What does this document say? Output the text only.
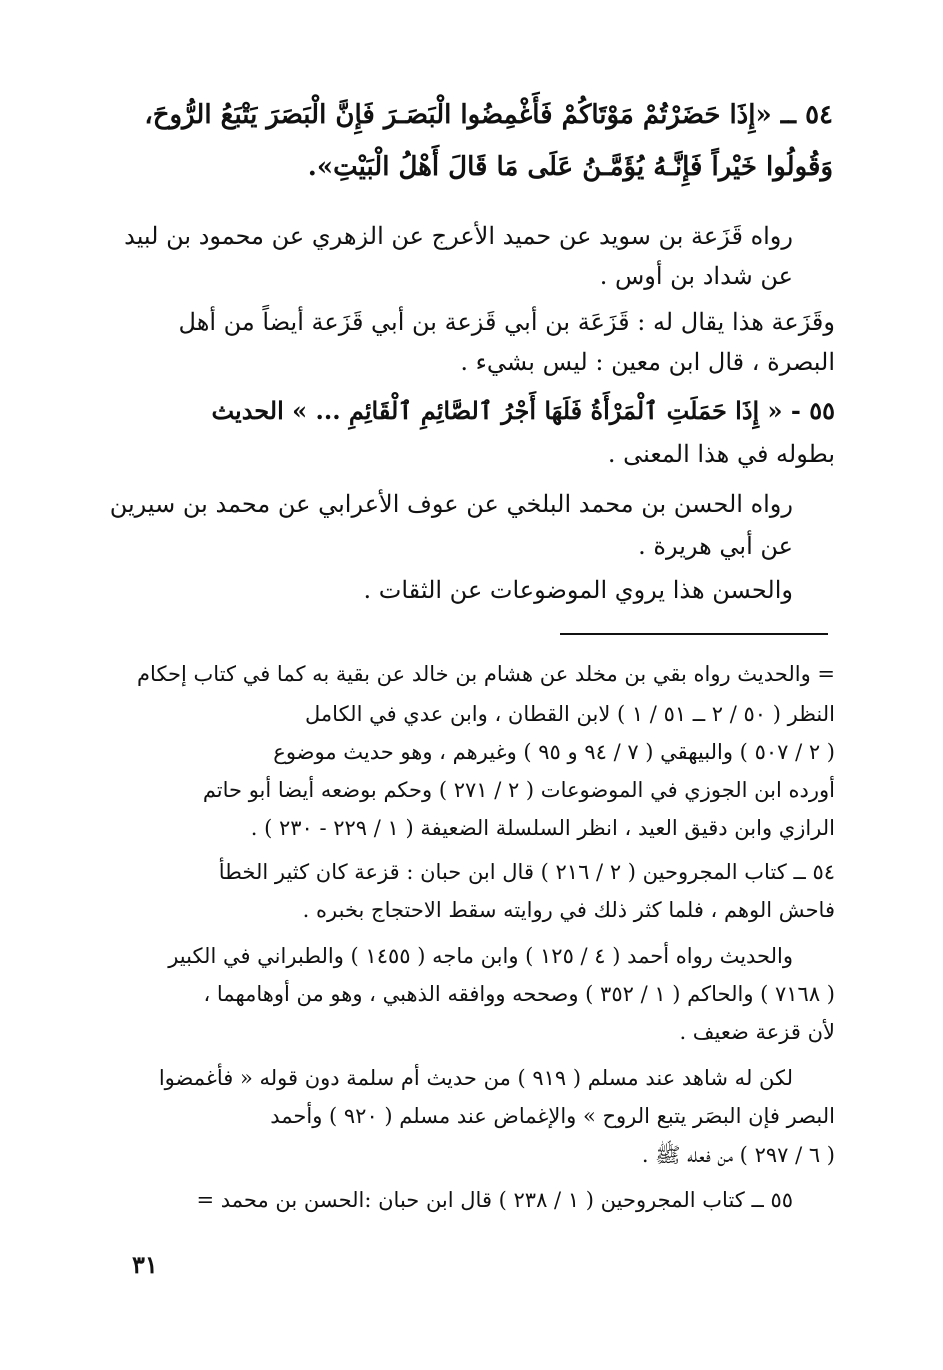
٥٤ ــ «إِذَا حَضَرْتُمْ مَوْتَاكُمْ فَأَغْمِضُوا الْبَصَـرَ فَإِنَّ الْبَصَرَ يَتْبَعُ الرُّوحَ،
وَقُولُوا خَيْراً فَإِنَّـهُ يُؤَمَّـنُ عَلَى مَا قَالَ أَهْلُ الْبَيْتِ».
رواه قَزَعة بن سويد عن حميد الأعرج عن الزهري عن محمود بن لبيد
عن شداد بن أوس .
وقَزَعة هذا يقال له : قَزَعَة بن أبي قَزعة بن أبي قَزَعة أيضاً من أهل
البصرة ، قال ابن معين : ليس بشيء .
٥٥ - « إِذَا حَمَلَتِ ٱلْمَرْأَةُ فَلَهَا أَجْرُ ٱلصَّائِمِ ٱلْقَائِمِ ... » الحديث
بطوله في هذا المعنى .
رواه الحسن بن محمد البلخي عن عوف الأعرابي عن محمد بن سيرين
عن أبي هريرة .
والحسن هذا يروي الموضوعات عن الثقات .
= والحديث رواه بقي بن مخلد عن هشام بن خالد عن بقية به كما في كتاب إحكام
النظر ( ٥٠ / ٢ ــ ٥١ / ١ ) لابن القطان ، وابن عدي في الكامل
( ٢ / ٥٠٧ ) والبيهقي ( ٧ / ٩٤ و ٩٥ ) وغيرهم ، وهو حديث موضوع
أورده ابن الجوزي في الموضوعات ( ٢ / ٢٧١ ) وحكم بوضعه أيضا أبو حاتم
الرازي وابن دقيق العيد ، انظر السلسلة الضعيفة ( ١ / ٢٢٩ - ٢٣٠ ) .
٥٤ ــ كتاب المجروحين ( ٢ / ٢١٦ ) قال ابن حبان : قزعة كان كثير الخطأ
فاحش الوهم ، فلما كثر ذلك في روايته سقط الاحتجاج بخبره .
والحديث رواه أحمد ( ٤ / ١٢٥ ) وابن ماجه ( ١٤٥٥ ) والطبراني في الكبير
( ٧١٦٨ ) والحاكم ( ١ / ٣٥٢ ) وصححه ووافقه الذهبي ، وهو من أوهامهما ،
لأن قزعة ضعيف .
لكن له شاهد عند مسلم ( ٩١٩ ) من حديث أم سلمة دون قوله « فأغمضوا
البصر فإن البصَر يتبع الروح » والإغماض عند مسلم ( ٩٢٠ ) وأحمد
( ٦ / ٢٩٧ ) من فعله ﷺ .
٥٥ ــ كتاب المجروحين ( ١ / ٢٣٨ ) قال ابن حبان :الحسن بن محمد =
٣١
